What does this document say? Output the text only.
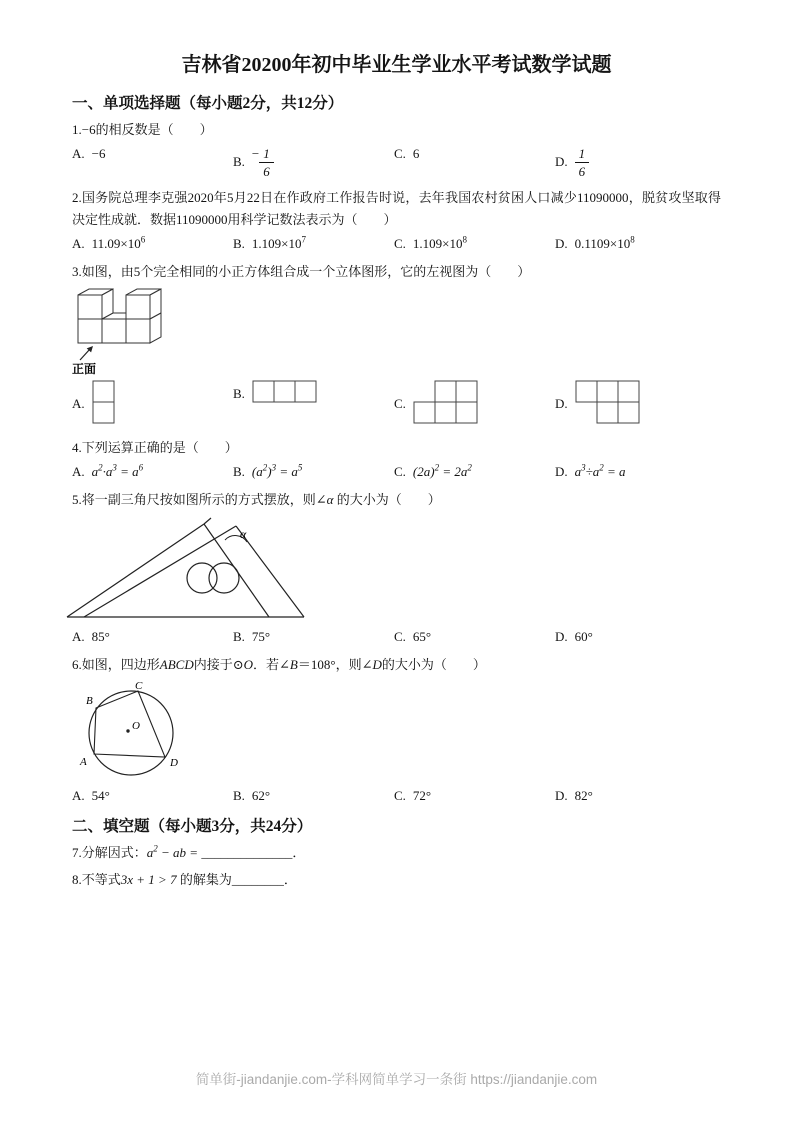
吉林省20200年初中毕业生学业水平考试数学试题
一、单项选择题（每小题2分，共12分）

1.−6的相反数是（　　）

A. −6
B.
− $\frac{1}{6}$	C. 6
D. $\frac{1}{6}$

2.国务院总理李克强2020年5月22日在作政府工作报告时说，去年我国农村贫困人口减少11090000，脱贫攻坚取得决定性成就．数据11090000用科学记数法表示为（　　）

A. $11.09\times 10^6$	B. $1.109\times 10^7$	C. $1.109\times 10^8$	D. $0.1109\times 10^8$

3.如图，由5个完全相同的小正方体组合成一个立体图形，它的左视图为（　　）

正面
A.
B.
C.	D.

4.下列运算正确的是（　　）

A. $a^2\cdot a^3 = a^6$	B. $(a^2)^3 = a^5$	C. $(2a)^2 = 2a^2$	D. $a^3\div a^2 = a$

5.将一副三角尺按如图所示的方式摆放，则∠α 的大小为（　　）

α
A. 85°	B. 75°	C. 65°	D. 60°

6.如图，四边形ABCD内接于⊙O．若∠B＝108°，则∠D的大小为（　　）

A
B
C
D
O
A. 54°	B. 62°	C. 72°	D. 82°
二、填空题（每小题3分，共24分）

7.分解因式：$a^2$ − ab = ______________．

8.不等式3x + 1 > 7 的解集为________．

简单街-jiandanjie.com-学科网简单学习一条街 https://jiandanjie.com
